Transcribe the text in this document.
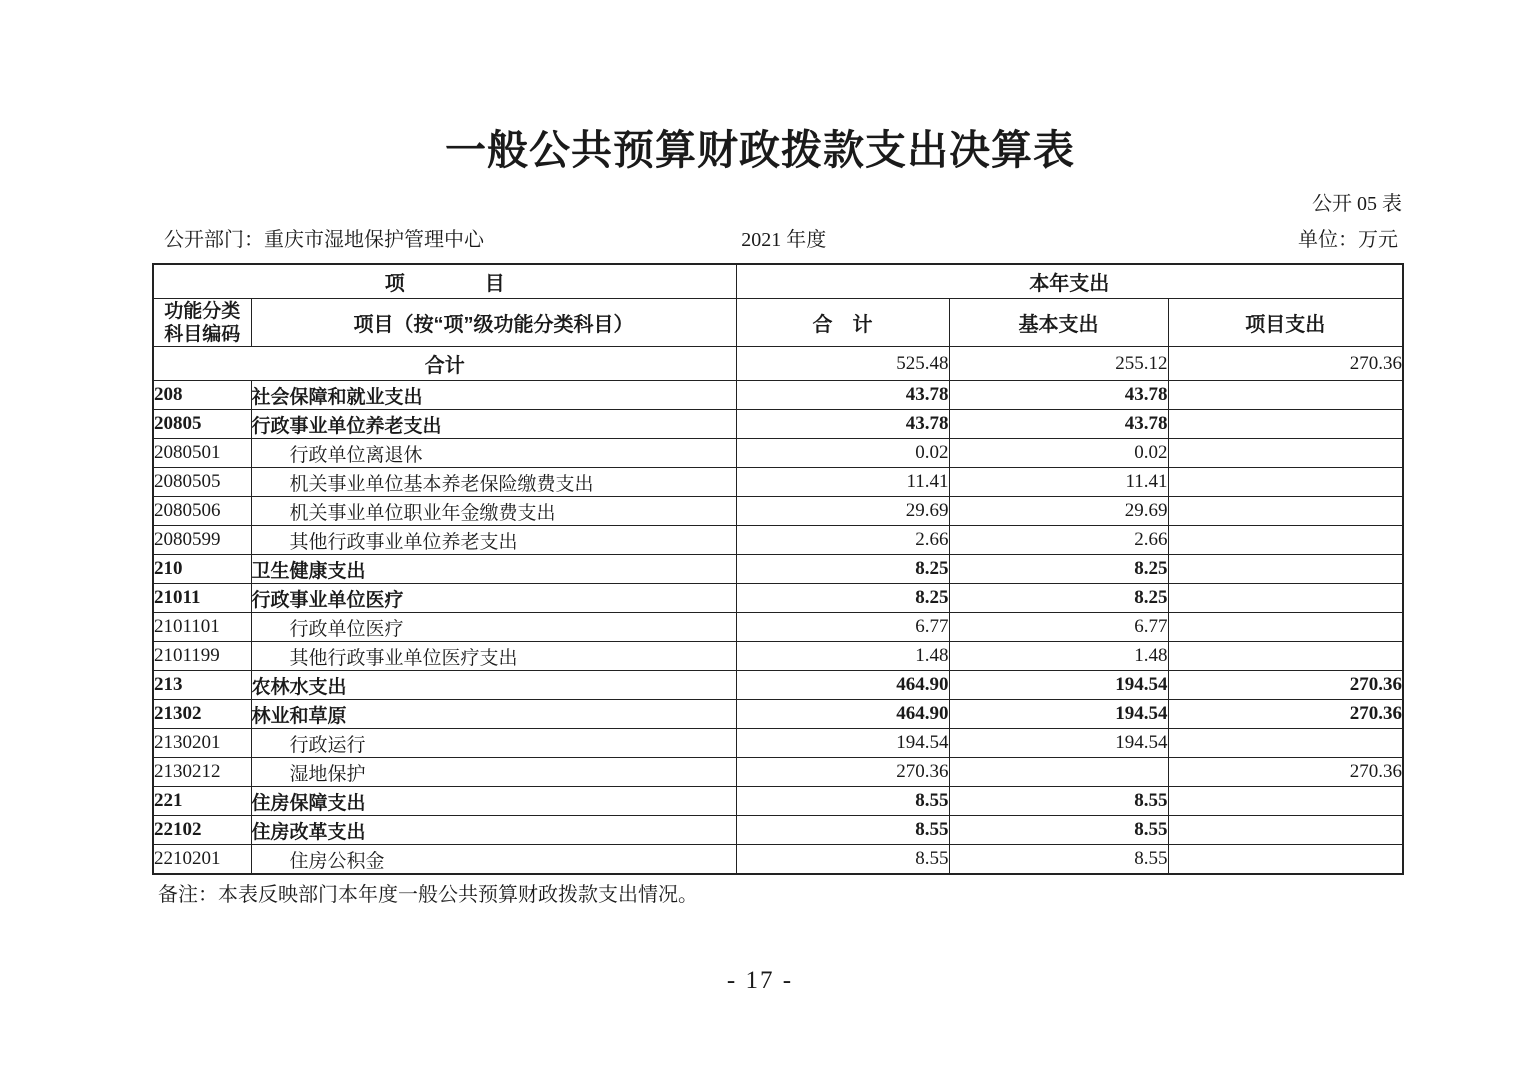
一般公共预算财政拨款支出决算表
公开 05 表
公开部门：重庆市湿地保护管理中心	2021 年度	单位：万元
项　　　　目		本年支出		

功能分类
科目编码	项目（按“项”级功能分类科目）	合　计	基本支出	项目支出
合计		525.48	255.12	270.36
208	社会保障和就业支出	43.78	43.78	
20805	行政事业单位养老支出	43.78	43.78	
2080501	行政单位离退休	0.02	0.02	
2080505	机关事业单位基本养老保险缴费支出	11.41	11.41	
2080506	机关事业单位职业年金缴费支出	29.69	29.69	
2080599	其他行政事业单位养老支出	2.66	2.66	
210	卫生健康支出	8.25	8.25	
21011	行政事业单位医疗	8.25	8.25	
2101101	行政单位医疗	6.77	6.77	
2101199	其他行政事业单位医疗支出	1.48	1.48	
213	农林水支出	464.90	194.54	270.36
21302	林业和草原	464.90	194.54	270.36
2130201	行政运行	194.54	194.54	
2130212	湿地保护	270.36		270.36
221	住房保障支出	8.55	8.55	
22102	住房改革支出	8.55	8.55	
2210201	住房公积金	8.55	8.55	
备注：本表反映部门本年度一般公共预算财政拨款支出情况。
- 17 -
